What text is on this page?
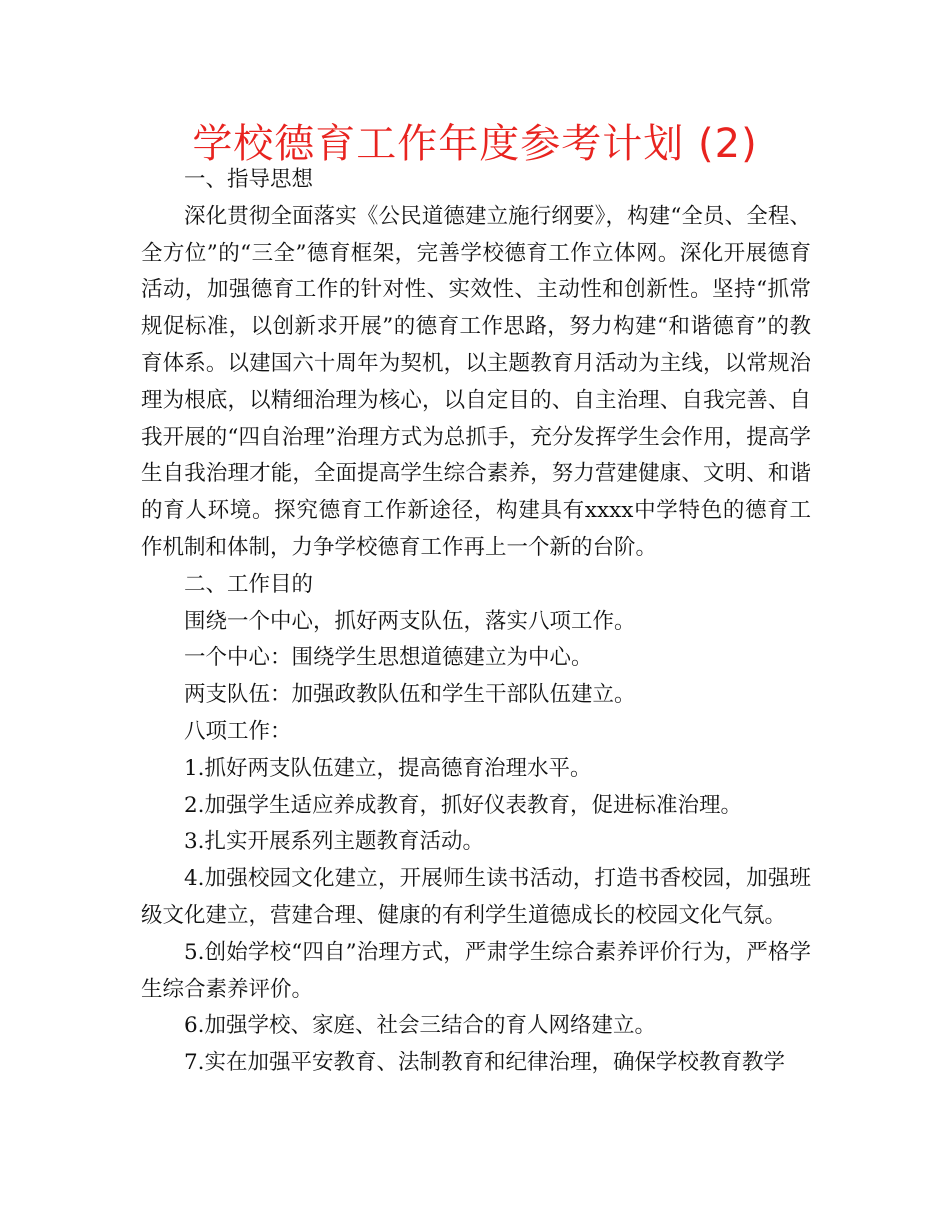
学校德育工作年度参考计划 (2)

一、指导思想

深化贯彻全面落实《公民道德建立施行纲要》，构建“全员、全程、全方位”的“三全”德育框架，完善学校德育工作立体网。深化开展德育活动，加强德育工作的针对性、实效性、主动性和创新性。坚持“抓常规促标准，以创新求开展”的德育工作思路，努力构建“和谐德育”的教育体系。以建国六十周年为契机，以主题教育月活动为主线，以常规治理为根底，以精细治理为核心，以自定目的、自主治理、自我完善、自我开展的“四自治理”治理方式为总抓手，充分发挥学生会作用，提高学生自我治理才能，全面提高学生综合素养，努力营建健康、文明、和谐的育人环境。探究德育工作新途径，构建具有xxxx中学特色的德育工作机制和体制，力争学校德育工作再上一个新的台阶。

二、工作目的

围绕一个中心，抓好两支队伍，落实八项工作。

一个中心：围绕学生思想道德建立为中心。

两支队伍：加强政教队伍和学生干部队伍建立。

八项工作：

1.抓好两支队伍建立，提高德育治理水平。

2.加强学生适应养成教育，抓好仪表教育，促进标准治理。

3.扎实开展系列主题教育活动。

4.加强校园文化建立，开展师生读书活动，打造书香校园，加强班级文化建立，营建合理、健康的有利学生道德成长的校园文化气氛。

5.创始学校“四自”治理方式，严肃学生综合素养评价行为，严格学生综合素养评价。

6.加强学校、家庭、社会三结合的育人网络建立。

7.实在加强平安教育、法制教育和纪律治理，确保学校教育教学
